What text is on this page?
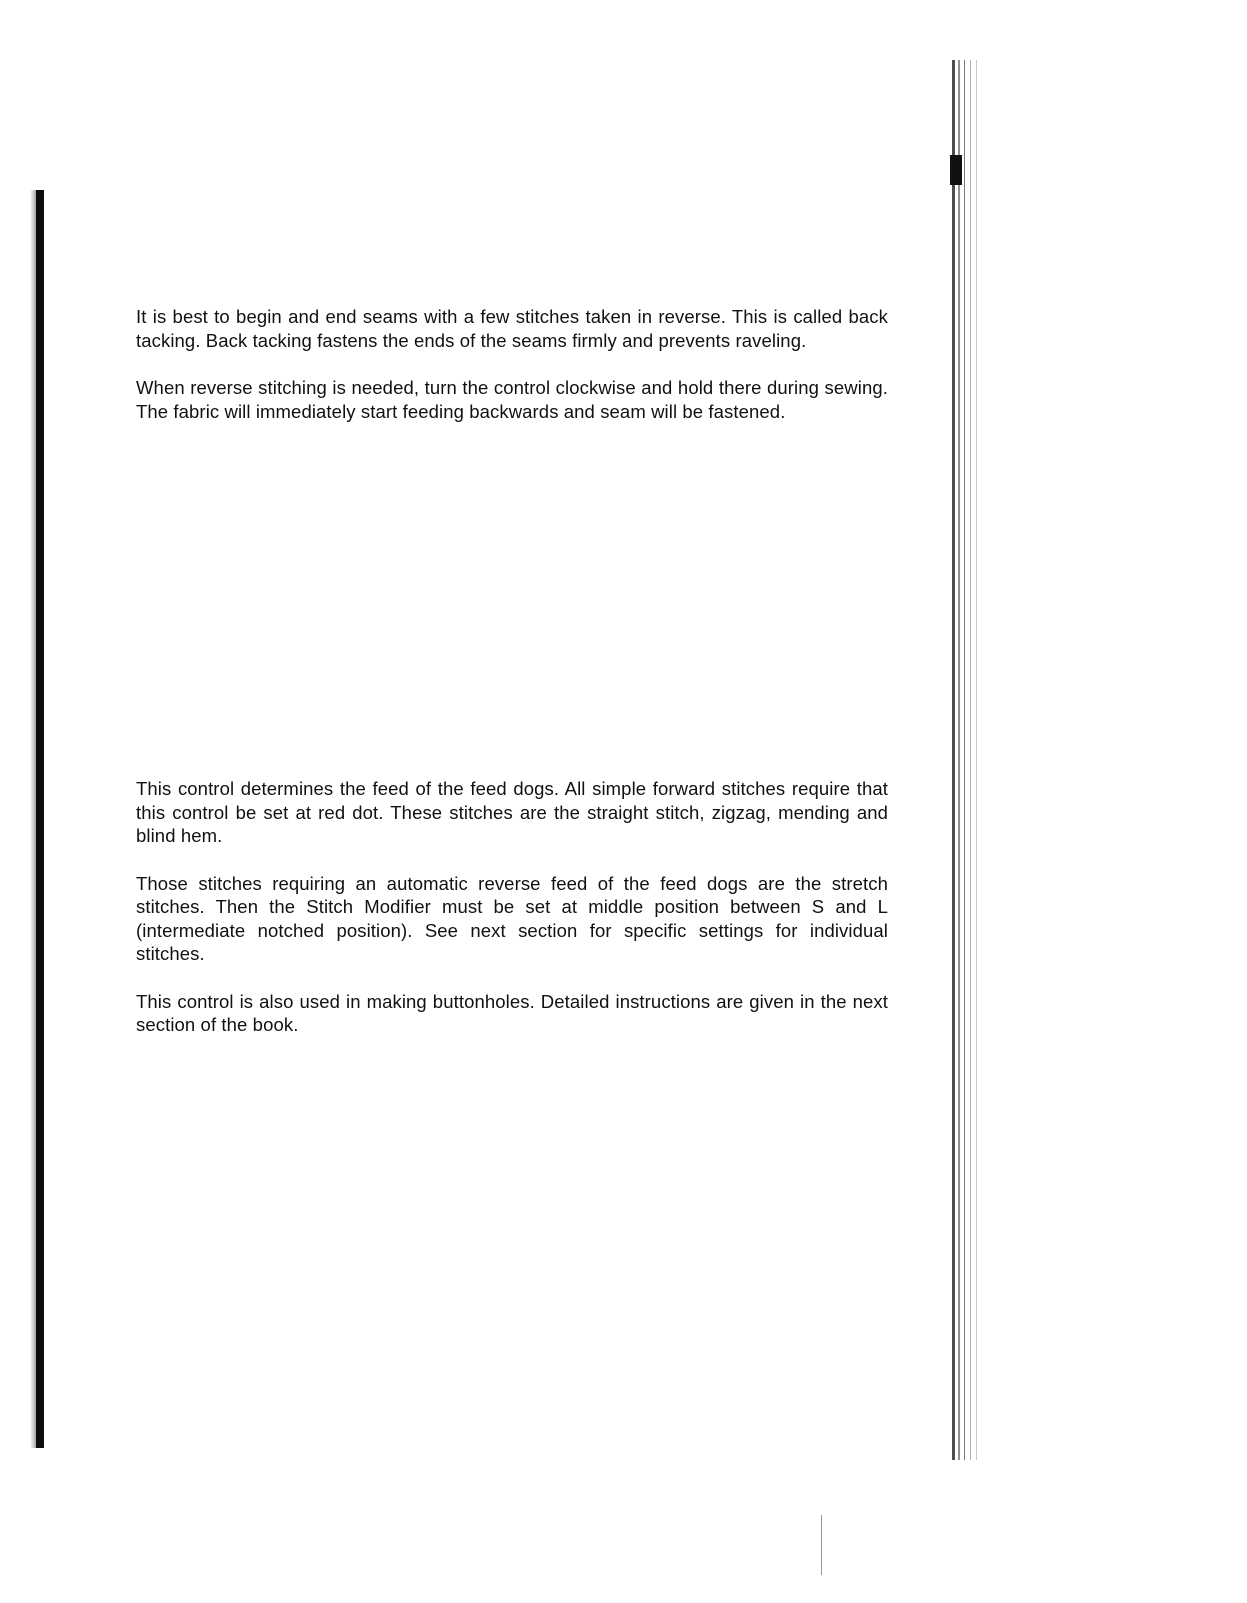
It is best to begin and end seams with a few stitches taken in reverse. This is called back tacking. Back tacking fastens the ends of the seams firmly and prevents raveling.

When reverse stitching is needed, turn the control clockwise and hold there during sewing. The fabric will immediately start feeding backwards and seam will be fastened.

This control determines the feed of the feed dogs. All simple forward stitches require that this control be set at red dot. These stitches are the straight stitch, zigzag, mending and blind hem.

Those stitches requiring an automatic reverse feed of the feed dogs are the stretch stitches. Then the Stitch Modifier must be set at middle position between S and L (intermediate notched position). See next section for specific settings for individual stitches.

This control is also used in making buttonholes. Detailed instructions are given in the next section of the book.
